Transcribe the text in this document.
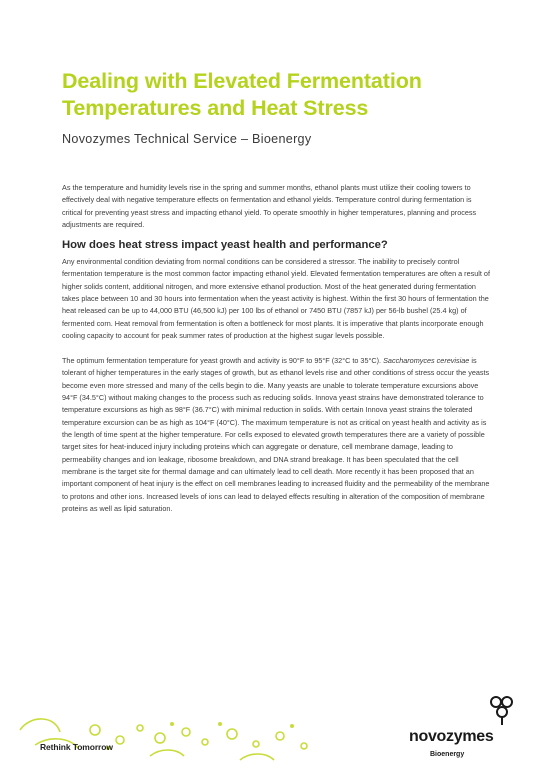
Dealing with Elevated Fermentation Temperatures and Heat Stress
Novozymes Technical Service – Bioenergy

As the temperature and humidity levels rise in the spring and summer months, ethanol plants must utilize their cooling towers to effectively deal with negative temperature effects on fermentation and ethanol yields. Temperature control during fermentation is critical for preventing yeast stress and impacting ethanol yield. To operate smoothly in higher temperatures, planning and process adjustments are required.

How does heat stress impact yeast health and performance?

Any environmental condition deviating from normal conditions can be considered a stressor. The inability to precisely control fermentation temperature is the most common factor impacting ethanol yield. Elevated fermentation temperatures are often a result of higher solids content, additional nitrogen, and more extensive ethanol production. Most of the heat generated during fermentation takes place between 10 and 30 hours into fermentation when the yeast activity is highest. Within the first 30 hours of fermentation the heat released can be up to 44,000 BTU (46,500 kJ) per 100 lbs of ethanol or 7450 BTU (7857 kJ) per 56-lb bushel (25.4 kg) of fermented corn. Heat removal from fermentation is often a bottleneck for most plants. It is imperative that plants incorporate enough cooling capacity to account for peak summer rates of production at the highest sugar levels possible.

The optimum fermentation temperature for yeast growth and activity is 90°F to 95°F (32°C to 35°C). Saccharomyces cerevisiae is tolerant of higher temperatures in the early stages of growth, but as ethanol levels rise and other conditions of stress occur the yeasts become even more stressed and many of the cells begin to die. Many yeasts are unable to tolerate temperature excursions above 94°F (34.5°C) without making changes to the process such as reducing solids. Innova yeast strains have demonstrated tolerance to temperature excursions as high as 98°F (36.7°C) with minimal reduction in solids. With certain Innova yeast strains the tolerated temperature excursion can be as high as 104°F (40°C). The maximum temperature is not as critical on yeast health and activity as is the length of time spent at the higher temperature. For cells exposed to elevated growth temperatures there are a variety of possible target sites for heat-induced injury including proteins which can aggregate or denature, cell membrane damage, leading to permeability changes and ion leakage, ribosome breakdown, and DNA strand breakage. It has been speculated that the cell membrane is the target site for thermal damage and can ultimately lead to cell death. More recently it has been proposed that an important component of heat injury is the effect on cell membranes leading to increased fluidity and the permeability of the membrane to protons and other ions. Increased levels of ions can lead to delayed effects resulting in alteration of the composition of membrane proteins as well as lipid saturation.

Rethink Tomorrow
novozymes
Bioenergy
